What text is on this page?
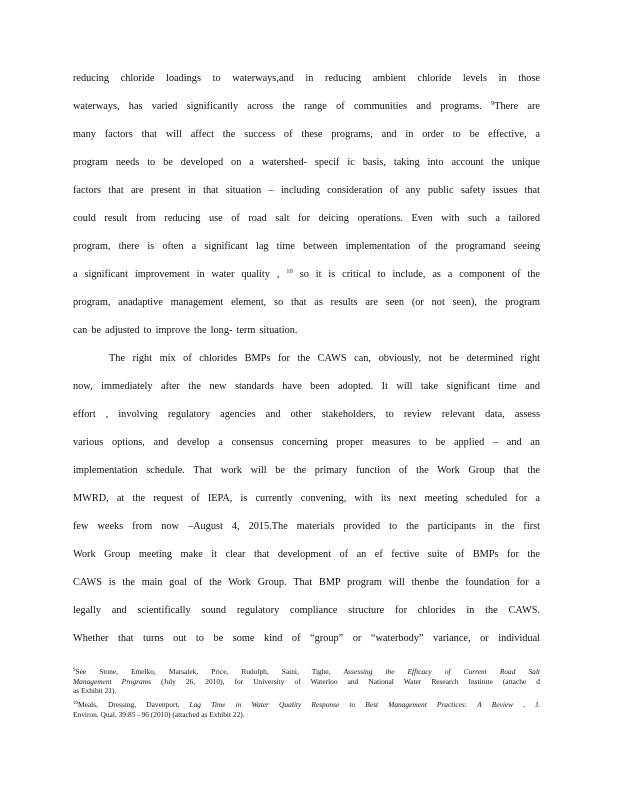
reducing chloride loadings to waterways,and in reducing ambient chloride levels in those
waterways, has varied significantly across the range of communities and programs. $^9$There are
many factors that will affect the success of these programs, and in order to be effective, a
program needs to be developed on a watershed- specif ic basis, taking into account the unique
factors that are present in that situation – including consideration of any public safety issues that
could result from reducing use of road salt for deicing operations. Even with such a tailored
program, there is often a significant lag time between implementation of the programand seeing
a significant improvement in water quality , $^{10}$ so it is critical to include, as a component of the
program, anadaptive management element, so that as results are seen (or not seen), the program
can be adjusted to improve the long- term situation.
The right mix of chlorides BMPs for the CAWS can, obviously, not be determined right
now, immediately after the new standards have been adopted. It will take significant time and
effort , involving regulatory agencies and other stakeholders, to review relevant data, assess
various options, and develop a consensus concerning proper measures to be applied – and an
implementation schedule. That work will be the primary function of the Work Group that the
MWRD, at the request of IEPA, is currently convening, with its next meeting scheduled for a
few weeks from now –August 4, 2015.The materials provided to the participants in the first
Work Group meeting make it clear that development of an ef fective suite of BMPs for the
CAWS is the main goal of the Work Group. That BMP program will thenbe the foundation for a
legally and scientifically sound regulatory compliance structure for chlorides in the CAWS.
Whether that turns out to be some kind of “group” or “waterbody” variance, or individual
$^9$See Stone, Emelko, Marsalek, Price, Rudolph, Saini, Tighe, Assessing the Efficacy of Current Road Salt
Management Programs (July 26, 2010), for University of Waterloo and National Water Research Institute (attache d
as Exhibit 21).
$^{10}$Meals, Dressing, Davenport, Lag Time in Water Quality Response to Best Management Practices: A Review , J.
Environ. Qual. 39:85 - 96 (2010) (attached as Exhibit 22).
